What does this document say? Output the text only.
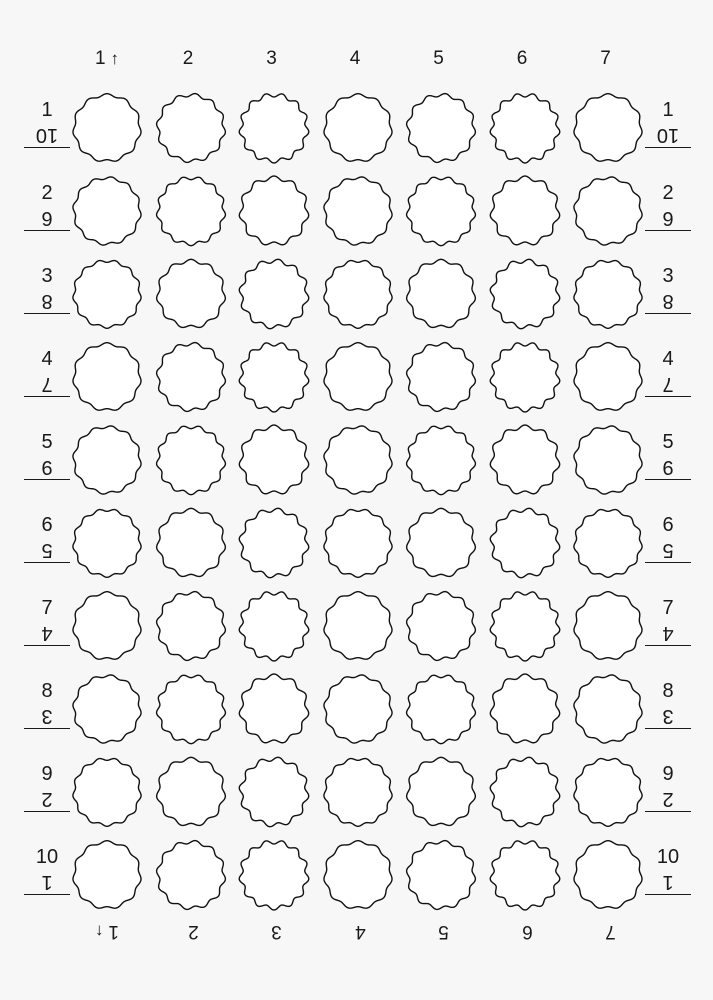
1 ↑	2	3	4	5	6	7
1↑	2	3	4	5	6	7
$\frac{1}{10}$	$\frac{1}{10}$
$\frac{2}{6}$	$\frac{2}{6}$
$\frac{3}{8}$	$\frac{3}{8}$
$\frac{4}{7}$	$\frac{4}{7}$
$\frac{5}{9}$	$\frac{5}{9}$
$\frac{6}{5}$	$\frac{6}{5}$
$\frac{7}{4}$	$\frac{7}{4}$
$\frac{8}{3}$	$\frac{8}{3}$
$\frac{9}{2}$	$\frac{9}{2}$
$\frac{10}{1}$	$\frac{10}{1}$
